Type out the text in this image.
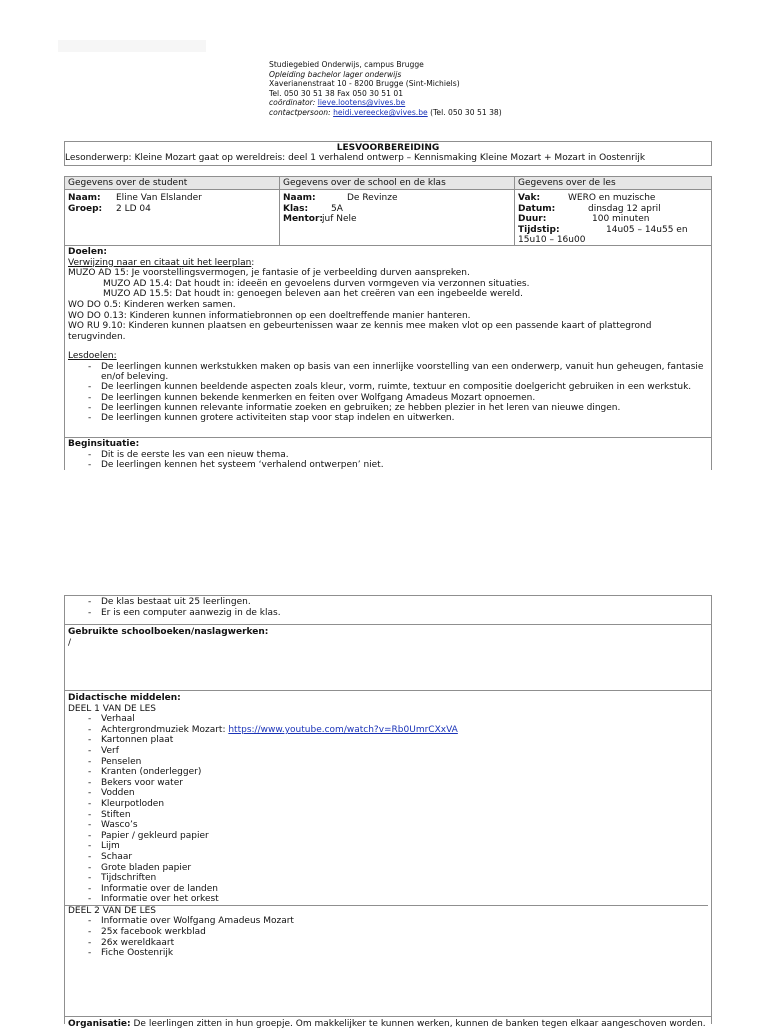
Studiegebied Onderwijs, campus Brugge
Opleiding bachelor lager onderwijs
Xaverianenstraat 10 - 8200 Brugge (Sint-Michiels)
Tel. 050 30 51 38 Fax 050 30 51 01
coördinator: lieve.lootens@vives.be
contactpersoon: heidi.vereecke@vives.be (Tel. 050 30 51 38)
LESVOORBEREIDING
Lesonderwerp: Kleine Mozart gaat op wereldreis: deel 1 verhalend ontwerp – Kennismaking Kleine Mozart + Mozart in Oostenrijk
Gegevens over de student	Gegevens over de school en de klas	Gegevens over de les
Naam:	Eline Van Elslander
Groep:	2 LD 04
Naam:	De Revinze
Klas:	5A
Mentor: juf Nele
Vak:	WERO en muzische
Datum:	dinsdag 12 april
Duur:	100 minuten
Tijdstip:	14u05 – 14u55 en
15u10 – 16u00
Doelen:
Verwijzing naar en citaat uit het leerplan:
MUZO AD 15: Je voorstellingsvermogen, je fantasie of je verbeelding durven aanspreken.
MUZO AD 15.4: Dat houdt in: ideeën en gevoelens durven vormgeven via verzonnen situaties.
MUZO AD 15.5: Dat houdt in: genoegen beleven aan het creëren van een ingebeelde wereld.
WO DO 0.5: Kinderen werken samen.
WO DO 0.13: Kinderen kunnen informatiebronnen op een doeltreffende manier hanteren.
WO RU 9.10: Kinderen kunnen plaatsen en gebeurtenissen waar ze kennis mee maken vlot op een passende kaart of plattegrond terugvinden.
Lesdoelen:
- De leerlingen kunnen werkstukken maken op basis van een innerlijke voorstelling van een onderwerp, vanuit hun geheugen, fantasie en/of beleving.
- De leerlingen kunnen beeldende aspecten zoals kleur, vorm, ruimte, textuur en compositie doelgericht gebruiken in een werkstuk.
- De leerlingen kunnen bekende kenmerken en feiten over Wolfgang Amadeus Mozart opnoemen.
- De leerlingen kunnen relevante informatie zoeken en gebruiken; ze hebben plezier in het leren van nieuwe dingen.
- De leerlingen kunnen grotere activiteiten stap voor stap indelen en uitwerken.
Beginsituatie:
- Dit is de eerste les van een nieuw thema.
- De leerlingen kennen het systeem ‘verhalend ontwerpen’ niet.
- De klas bestaat uit 25 leerlingen.
- Er is een computer aanwezig in de klas.
Gebruikte schoolboeken/naslagwerken:
/
Didactische middelen:
DEEL 1 VAN DE LES
- Verhaal
- Achtergrondmuziek Mozart: https://www.youtube.com/watch?v=Rb0UmrCXxVA
- Kartonnen plaat
- Verf
- Penselen
- Kranten (onderlegger)
- Bekers voor water
- Vodden
- Kleurpotloden
- Stiften
- Wasco’s
- Papier / gekleurd papier
- Lijm
- Schaar
- Grote bladen papier
- Tijdschriften
- Informatie over de landen
- Informatie over het orkest
DEEL 2 VAN DE LES
- Informatie over Wolfgang Amadeus Mozart
- 25x facebook werkblad
- 26x wereldkaart
- Fiche Oostenrijk
Organisatie: De leerlingen zitten in hun groepje. Om makkelijker te kunnen werken, kunnen de banken tegen elkaar aangeschoven worden.
